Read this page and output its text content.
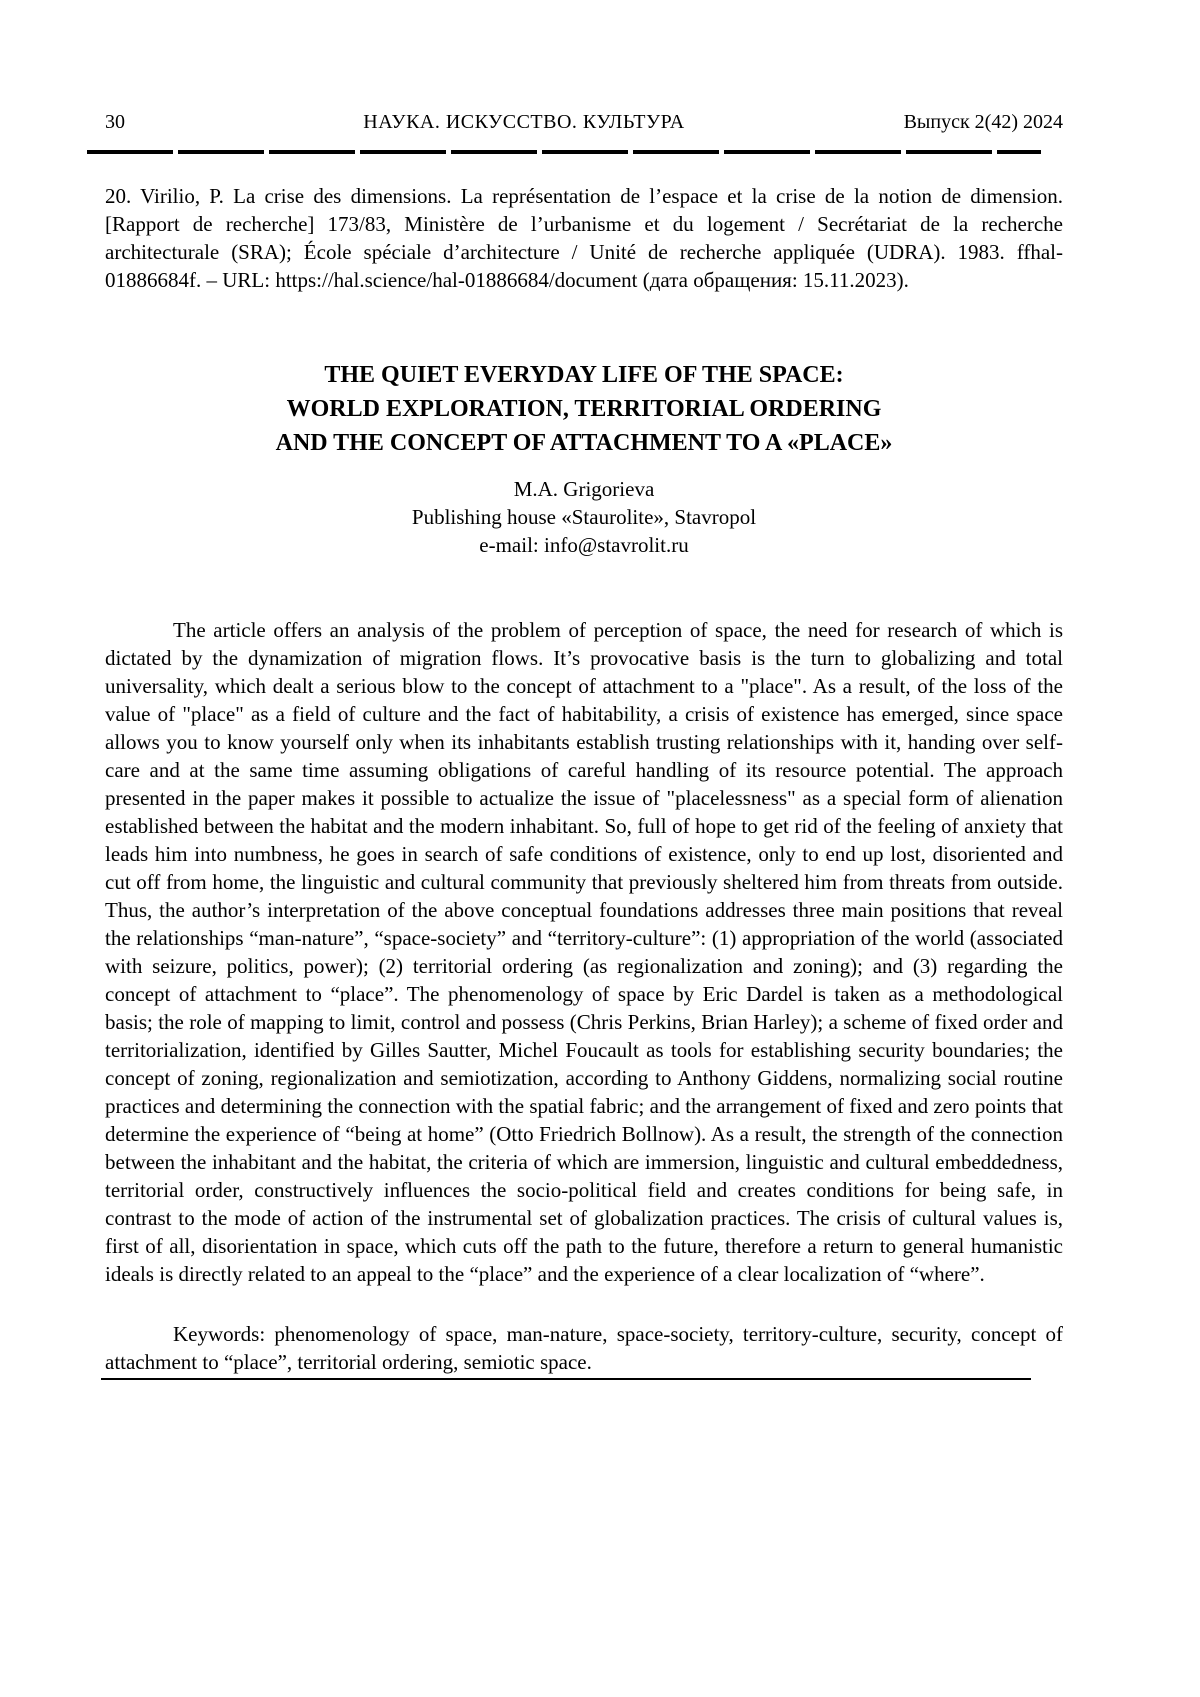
30	НАУКА. ИСКУССТВО. КУЛЬТУРА	Выпуск 2(42) 2024

20. Virilio, P. La crise des dimensions. La représentation de l’espace et la crise de la notion de dimension. [Rapport de recherche] 173/83, Ministère de l’urbanisme et du logement / Secrétariat de la recherche architecturale (SRA); École spéciale d’architecture / Unité de recherche appliquée (UDRA). 1983. ffhal-01886684f. – URL: https://hal.science/hal-01886684/document (дата обращения: 15.11.2023).

THE QUIET EVERYDAY LIFE OF THE SPACE:
WORLD EXPLORATION, TERRITORIAL ORDERING
AND THE CONCEPT OF ATTACHMENT TO A «PLACE»
M.A. Grigorieva
Publishing house «Staurolite», Stavropol
e-mail: info@stavrolit.ru

The article offers an analysis of the problem of perception of space, the need for research of which is dictated by the dynamization of migration flows. It’s provocative basis is the turn to globalizing and total universality, which dealt a serious blow to the concept of attachment to a "place". As a result, of the loss of the value of "place" as a field of culture and the fact of habitability, a crisis of existence has emerged, since space allows you to know yourself only when its inhabitants establish trusting relationships with it, handing over self-care and at the same time assuming obligations of careful handling of its resource potential. The approach presented in the paper makes it possible to actualize the issue of "placelessness" as a special form of alienation established between the habitat and the modern inhabitant. So, full of hope to get rid of the feeling of anxiety that leads him into numbness, he goes in search of safe conditions of existence, only to end up lost, disoriented and cut off from home, the linguistic and cultural community that previously sheltered him from threats from outside. Thus, the author’s interpretation of the above conceptual foundations addresses three main positions that reveal the relationships “man-nature”, “space-society” and “territory-culture”: (1) appropriation of the world (associated with seizure, politics, power); (2) territorial ordering (as regionalization and zoning); and (3) regarding the concept of attachment to “place”. The phenomenology of space by Eric Dardel is taken as a methodological basis; the role of mapping to limit, control and possess (Chris Perkins, Brian Harley); a scheme of fixed order and territorialization, identified by Gilles Sautter, Michel Foucault as tools for establishing security boundaries; the concept of zoning, regionalization and semiotization, according to Anthony Giddens, normalizing social routine practices and determining the connection with the spatial fabric; and the arrangement of fixed and zero points that determine the experience of “being at home” (Otto Friedrich Bollnow). As a result, the strength of the connection between the inhabitant and the habitat, the criteria of which are immersion, linguistic and cultural embeddedness, territorial order, constructively influences the socio-political field and creates conditions for being safe, in contrast to the mode of action of the instrumental set of globalization practices. The crisis of cultural values is, first of all, disorientation in space, which cuts off the path to the future, therefore a return to general humanistic ideals is directly related to an appeal to the “place” and the experience of a clear localization of “where”.

Keywords: phenomenology of space, man-nature, space-society, territory-culture, security, concept of attachment to “place”, territorial ordering, semiotic space.
